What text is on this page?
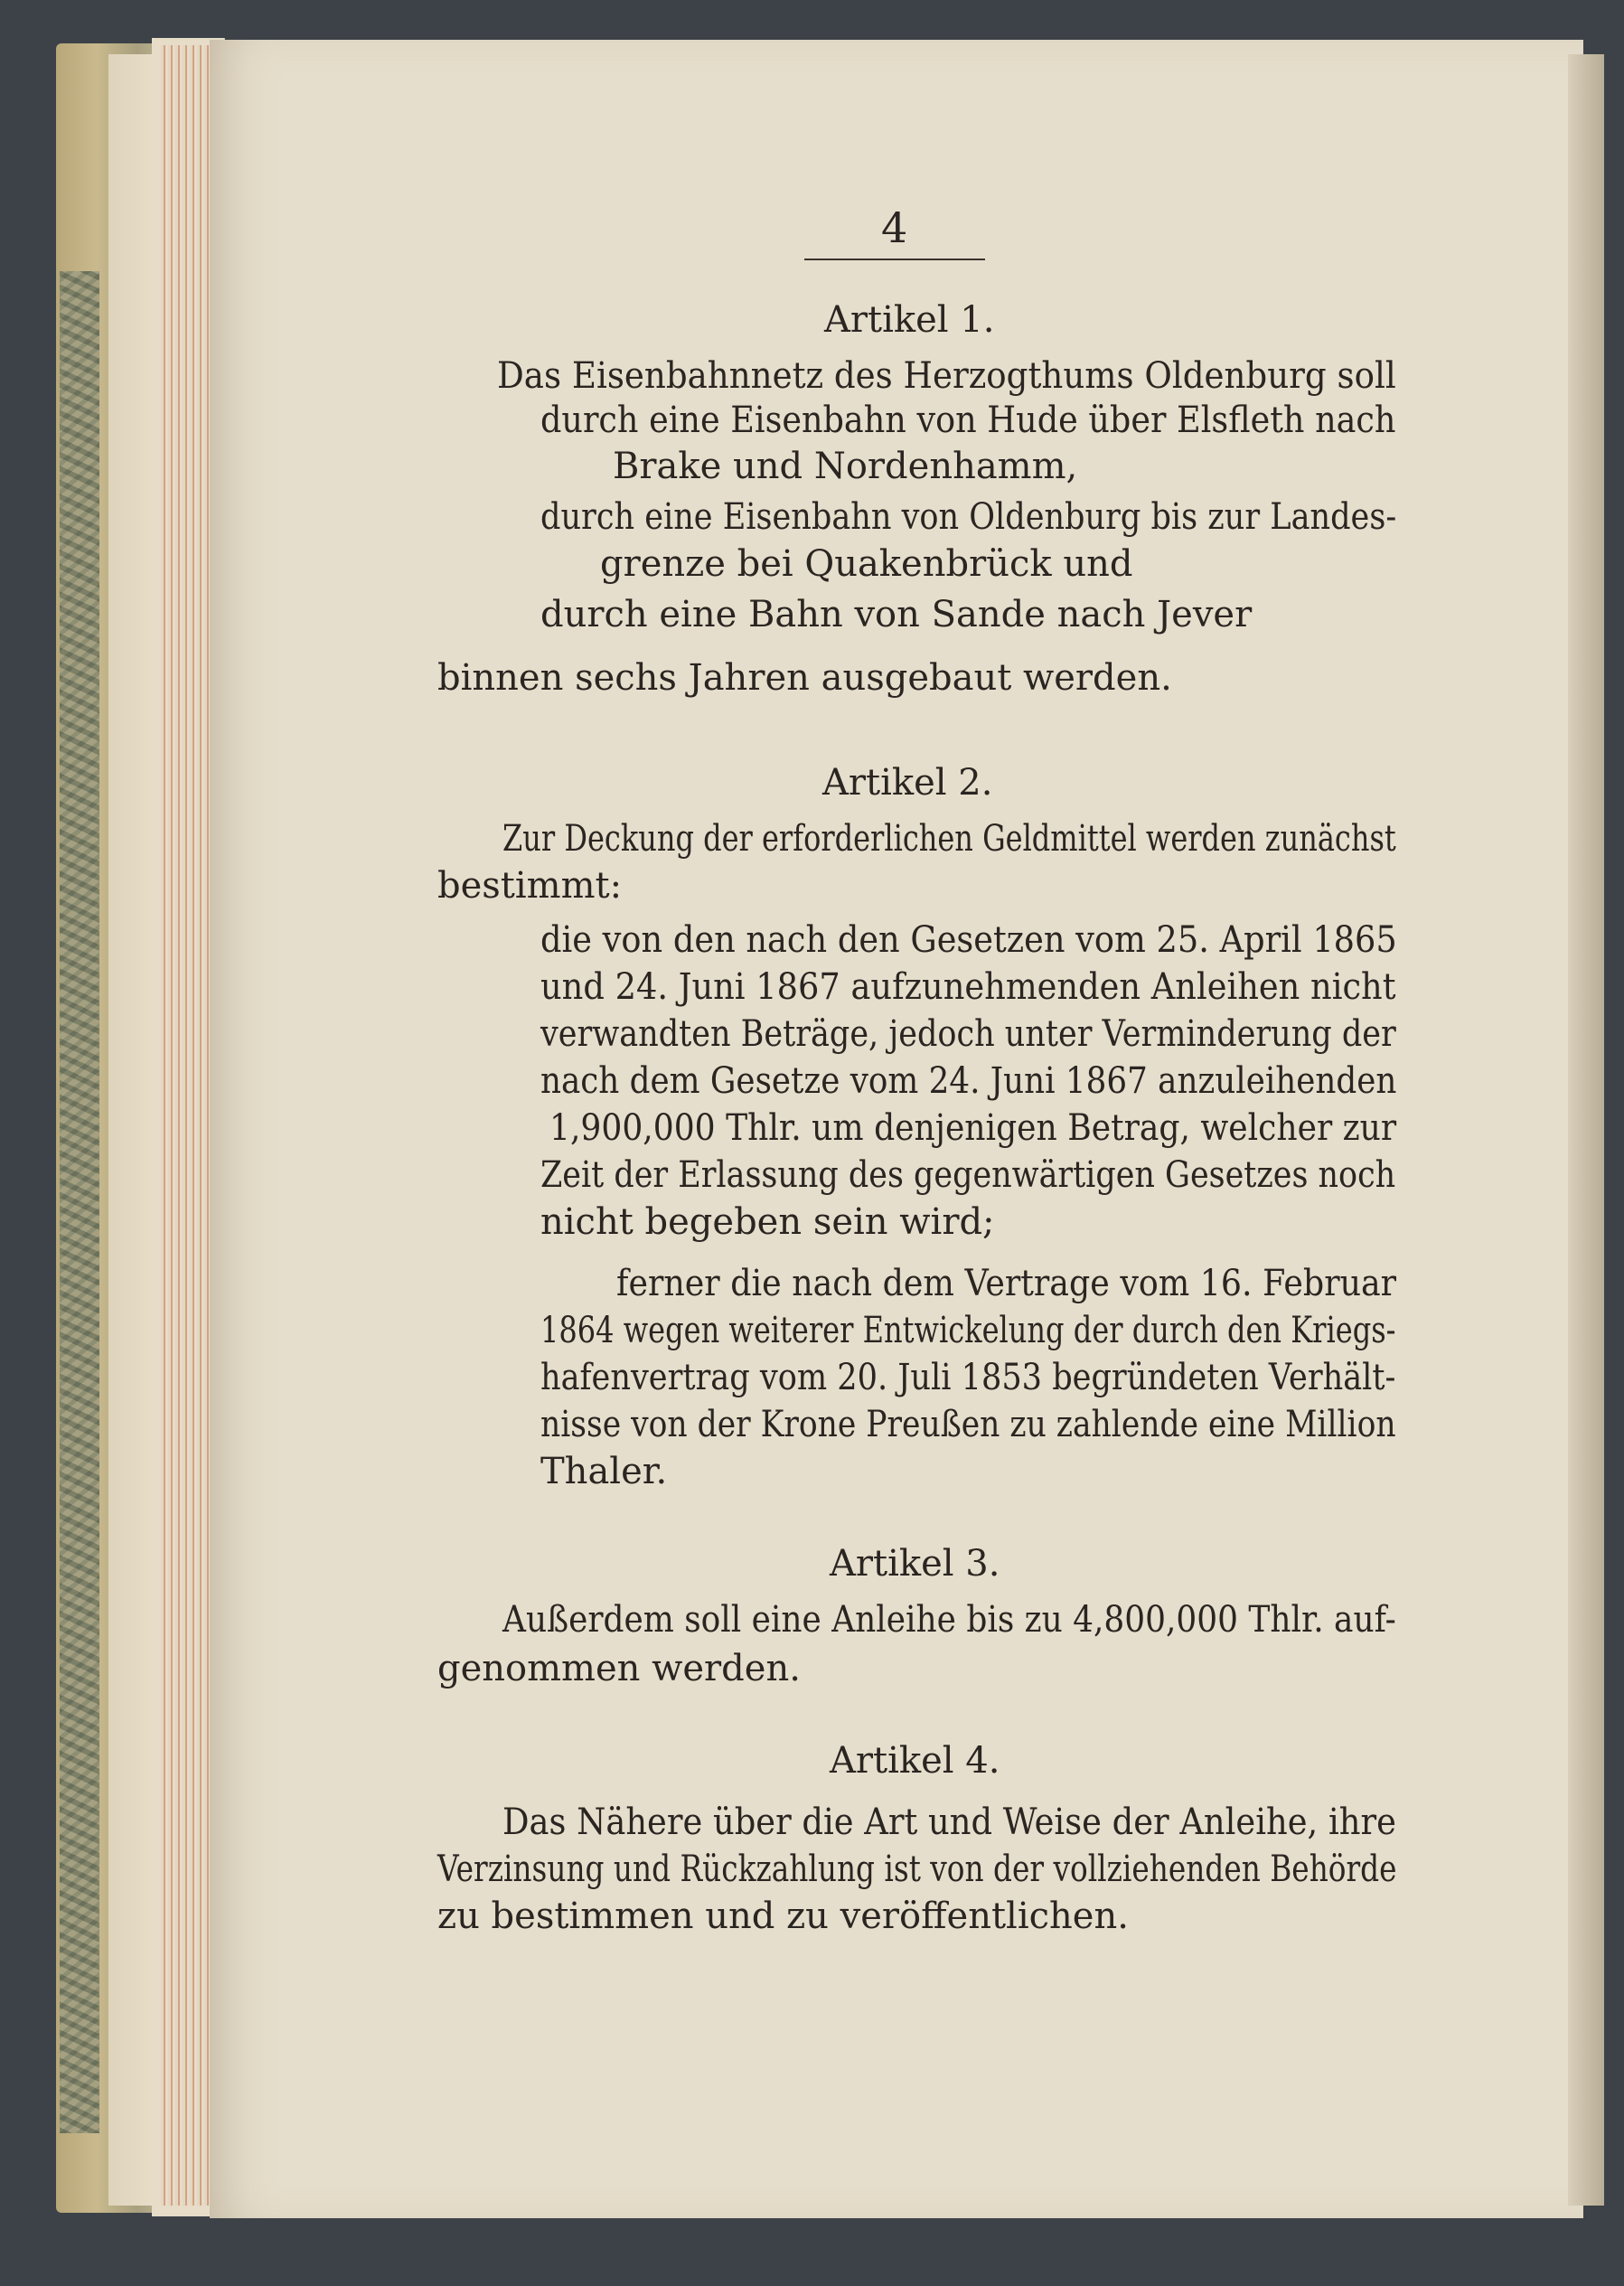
4
Artikel 1.
Das Eisenbahnnetz des Herzogthums Oldenburg soll
durch eine Eisenbahn von Hude über Elsfleth nach
Brake und Nordenhamm,
durch eine Eisenbahn von Oldenburg bis zur Landes-
grenze bei Quakenbrück und
durch eine Bahn von Sande nach Jever
binnen sechs Jahren ausgebaut werden.
Artikel 2.
Zur Deckung der erforderlichen Geldmittel werden zunächst
bestimmt:
die von den nach den Gesetzen vom 25. April 1865
und 24. Juni 1867 aufzunehmenden Anleihen nicht
verwandten Beträge, jedoch unter Verminderung der
nach dem Gesetze vom 24. Juni 1867 anzuleihenden
1,900,000 Thlr. um denjenigen Betrag, welcher zur
Zeit der Erlassung des gegenwärtigen Gesetzes noch
nicht begeben sein wird;
ferner die nach dem Vertrage vom 16. Februar
1864 wegen weiterer Entwickelung der durch den Kriegs-
hafenvertrag vom 20. Juli 1853 begründeten Verhält-
nisse von der Krone Preußen zu zahlende eine Million
Thaler.
Artikel 3.
Außerdem soll eine Anleihe bis zu 4,800,000 Thlr. auf-
genommen werden.
Artikel 4.
Das Nähere über die Art und Weise der Anleihe, ihre
Verzinsung und Rückzahlung ist von der vollziehenden Behörde
zu bestimmen und zu veröffentlichen.
